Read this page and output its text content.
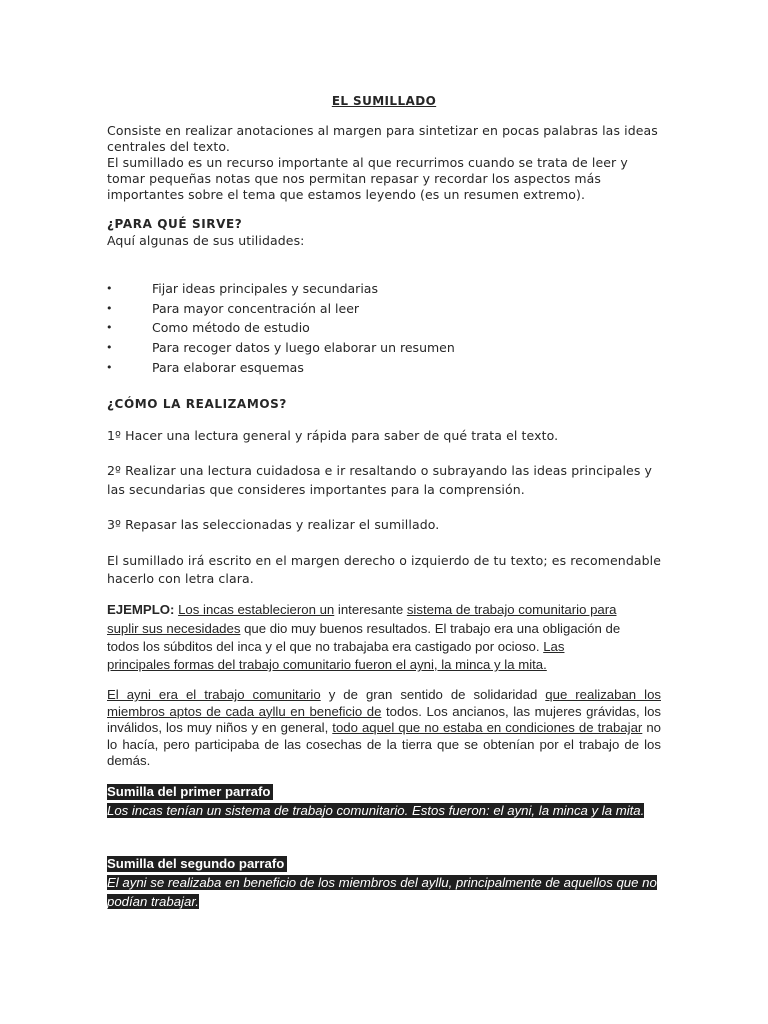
EL SUMILLADO
Consiste en realizar anotaciones al margen para sintetizar en pocas palabras las ideas
centrales del texto.
El sumillado es un recurso importante al que recurrimos cuando se trata de leer y
tomar pequeñas notas que nos permitan repasar y recordar los aspectos más
importantes sobre el tema que estamos leyendo (es un resumen extremo).
¿PARA QUÉ SIRVE?
Aquí algunas de sus utilidades:
•	Fijar ideas principales y secundarias
•	Para mayor concentración al leer
•	Como método de estudio
•	Para recoger datos y luego elaborar un resumen
•	Para elaborar esquemas
¿CÓMO LA REALIZAMOS?
1º Hacer una lectura general y rápida para saber de qué trata el texto.
2º Realizar una lectura cuidadosa e ir resaltando o subrayando las ideas principales y
las secundarias que consideres importantes para la comprensión.
3º Repasar las seleccionadas y realizar el sumillado.
El sumillado irá escrito en el margen derecho o izquierdo de tu texto; es recomendable
hacerlo con letra clara.
EJEMPLO: Los incas establecieron un interesante sistema de trabajo comunitario para
suplir sus necesidades que dio muy buenos resultados. El trabajo era una obligación de
todos los súbditos del inca y el que no trabajaba era castigado por ocioso. Las
principales formas del trabajo comunitario fueron el ayni, la minca y la mita.
El ayni era el trabajo comunitario y de gran sentido de solidaridad que realizaban los miembros aptos de cada ayllu en beneficio de todos. Los ancianos, las mujeres grávidas, los inválidos, los muy niños y en general, todo aquel que no estaba en condiciones de trabajar no lo hacía, pero participaba de las cosechas de la tierra que se obtenían por el trabajo de los demás.
Sumilla del primer parrafo
Los incas tenían un sistema de trabajo comunitario. Estos fueron: el ayni, la minca y la mita.
Sumilla del segundo parrafo
El ayni se realizaba en beneficio de los miembros del ayllu, principalmente de aquellos que no podían trabajar.
